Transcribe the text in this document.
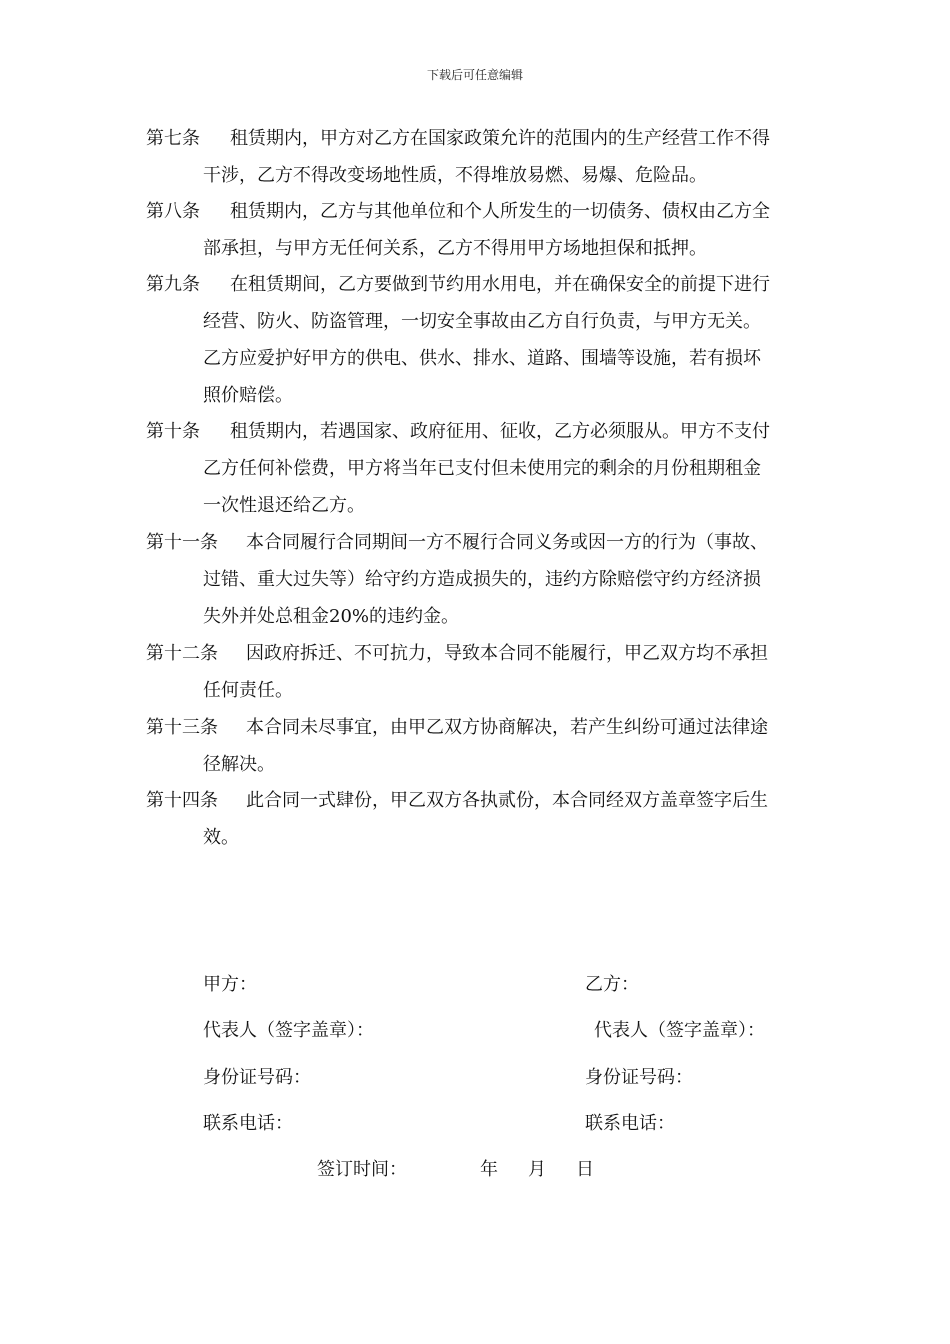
下载后可任意编辑
第七条	租赁期内，甲方对乙方在国家政策允许的范围内的生产经营工作不得
干涉，乙方不得改变场地性质，不得堆放易燃、易爆、危险品。
第八条	租赁期内，乙方与其他单位和个人所发生的一切债务、债权由乙方全
部承担，与甲方无任何关系，乙方不得用甲方场地担保和抵押。
第九条	在租赁期间，乙方要做到节约用水用电，并在确保安全的前提下进行
经营、防火、防盗管理，一切安全事故由乙方自行负责，与甲方无关。
乙方应爱护好甲方的供电、供水、排水、道路、围墙等设施，若有损坏
照价赔偿。
第十条	租赁期内，若遇国家、政府征用、征收，乙方必须服从。甲方不支付
乙方任何补偿费，甲方将当年已支付但未使用完的剩余的月份租期租金
一次性退还给乙方。
第十一条	本合同履行合同期间一方不履行合同义务或因一方的行为（事故、
过错、重大过失等）给守约方造成损失的，违约方除赔偿守约方经济损
失外并处总租金20%的违约金。
第十二条	因政府拆迁、不可抗力，导致本合同不能履行，甲乙双方均不承担
任何责任。
第十三条	本合同未尽事宜，由甲乙双方协商解决，若产生纠纷可通过法律途
径解决。
第十四条	此合同一式肆份，甲乙双方各执贰份，本合同经双方盖章签字后生
效。
甲方：	乙方：
代表人（签字盖章）：	代表人（签字盖章）：
身份证号码：	身份证号码：
联系电话：	联系电话：
签订时间：	年 月 日
